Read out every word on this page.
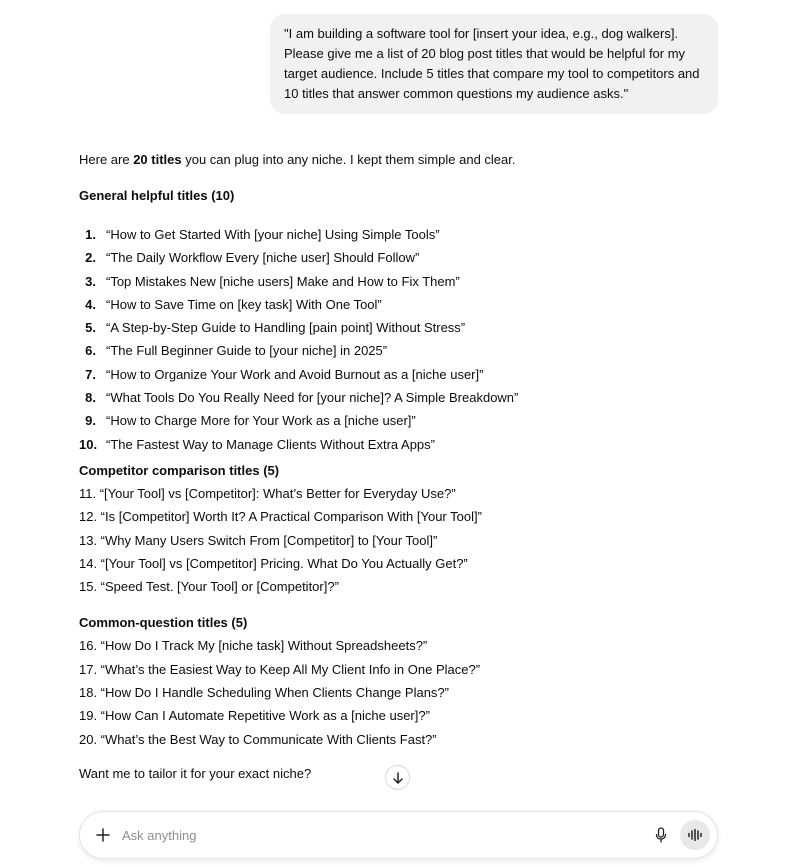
"I am building a software tool for [insert your idea, e.g., dog walkers]. Please give me a list of 20 blog post titles that would be helpful for my target audience. Include 5 titles that compare my tool to competitors and 10 titles that answer common questions my audience asks."
Here are 20 titles you can plug into any niche. I kept them simple and clear.
General helpful titles (10)
1. “How to Get Started With [your niche] Using Simple Tools”
2. “The Daily Workflow Every [niche user] Should Follow”
3. “Top Mistakes New [niche users] Make and How to Fix Them”
4. “How to Save Time on [key task] With One Tool”
5. “A Step-by-Step Guide to Handling [pain point] Without Stress”
6. “The Full Beginner Guide to [your niche] in 2025”
7. “How to Organize Your Work and Avoid Burnout as a [niche user]”
8. “What Tools Do You Really Need for [your niche]? A Simple Breakdown”
9. “How to Charge More for Your Work as a [niche user]”
10. “The Fastest Way to Manage Clients Without Extra Apps”
Competitor comparison titles (5)
11. “[Your Tool] vs [Competitor]: What’s Better for Everyday Use?”
12. “Is [Competitor] Worth It? A Practical Comparison With [Your Tool]”
13. “Why Many Users Switch From [Competitor] to [Your Tool]”
14. “[Your Tool] vs [Competitor] Pricing. What Do You Actually Get?”
15. “Speed Test. [Your Tool] or [Competitor]?”
Common-question titles (5)
16. “How Do I Track My [niche task] Without Spreadsheets?”
17. “What’s the Easiest Way to Keep All My Client Info in One Place?”
18. “How Do I Handle Scheduling When Clients Change Plans?”
19. “How Can I Automate Repetitive Work as a [niche user]?”
20. “What’s the Best Way to Communicate With Clients Fast?”
Want me to tailor it for your exact niche?
Ask anything
